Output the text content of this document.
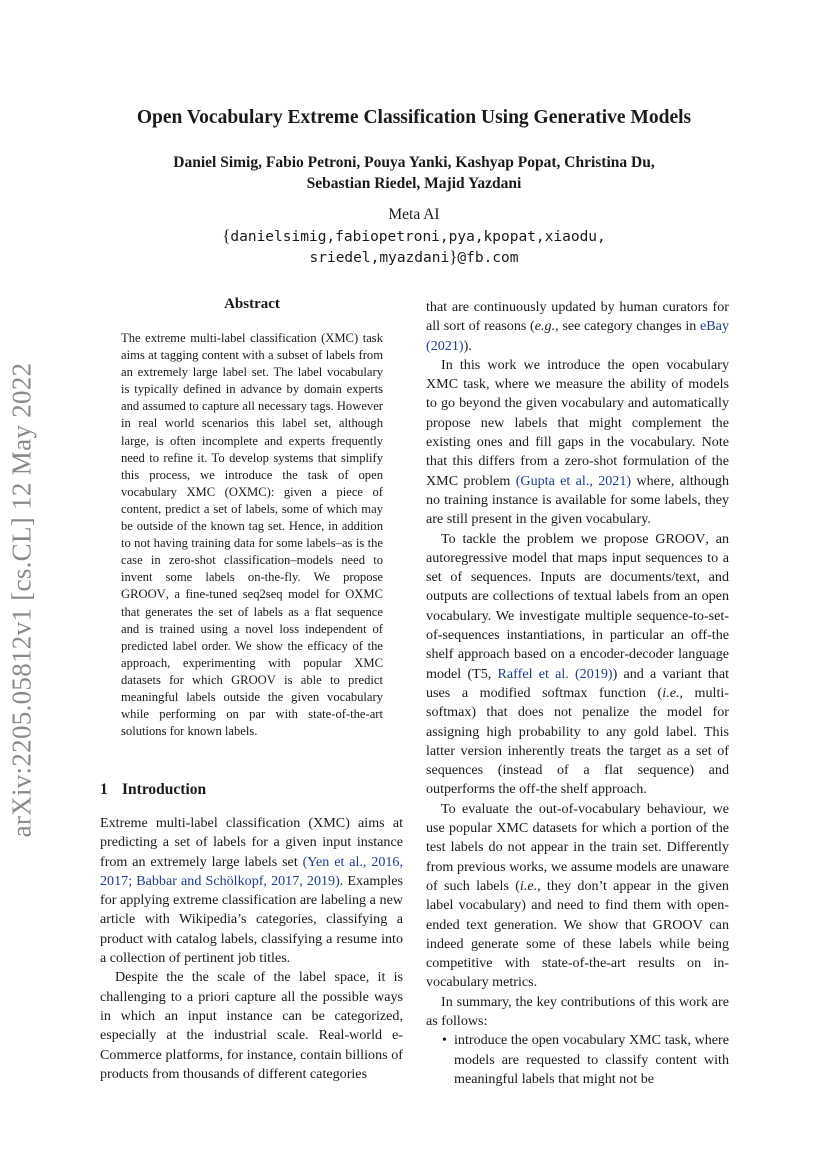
Open Vocabulary Extreme Classification Using Generative Models
Daniel Simig, Fabio Petroni, Pouya Yanki, Kashyap Popat, Christina Du,
Sebastian Riedel, Majid Yazdani
Meta AI
{danielsimig,fabiopetroni,pya,kpopat,xiaodu,
sriedel,myazdani}@fb.com
arXiv:2205.05812v1 [cs.CL] 12 May 2022
Abstract

The extreme multi-label classification (XMC) task aims at tagging content with a subset of labels from an extremely large label set. The label vocabulary is typically defined in advance by domain experts and assumed to capture all necessary tags. However in real world scenarios this label set, although large, is often incomplete and experts frequently need to refine it. To develop systems that simplify this process, we introduce the task of open vocabulary XMC (OXMC): given a piece of content, predict a set of labels, some of which may be outside of the known tag set. Hence, in addition to not having training data for some labels–as is the case in zero-shot classification–models need to invent some labels on-the-fly. We propose GROOV, a fine-tuned seq2seq model for OXMC that generates the set of labels as a flat sequence and is trained using a novel loss independent of predicted label order. We show the efficacy of the approach, experimenting with popular XMC datasets for which GROOV is able to predict meaningful labels outside the given vocabulary while performing on par with state-of-the-art solutions for known labels.

1 Introduction

Extreme multi-label classification (XMC) aims at predicting a set of labels for a given input instance from an extremely large labels set (Yen et al., 2016, 2017; Babbar and Schölkopf, 2017, 2019). Examples for applying extreme classification are labeling a new article with Wikipedia’s categories, classifying a product with catalog labels, classifying a resume into a collection of pertinent job titles.

Despite the the scale of the label space, it is challenging to a priori capture all the possible ways in which an input instance can be categorized, especially at the industrial scale. Real-world e-Commerce platforms, for instance, contain billions of products from thousands of different categories

that are continuously updated by human curators for all sort of reasons (e.g., see category changes in eBay (2021)).

In this work we introduce the open vocabulary XMC task, where we measure the ability of models to go beyond the given vocabulary and automatically propose new labels that might complement the existing ones and fill gaps in the vocabulary. Note that this differs from a zero-shot formulation of the XMC problem (Gupta et al., 2021) where, although no training instance is available for some labels, they are still present in the given vocabulary.

To tackle the problem we propose GROOV, an autoregressive model that maps input sequences to a set of sequences. Inputs are documents/text, and outputs are collections of textual labels from an open vocabulary. We investigate multiple sequence-to-set-of-sequences instantiations, in particular an off-the shelf approach based on a encoder-decoder language model (T5, Raffel et al. (2019)) and a variant that uses a modified softmax function (i.e., multi-softmax) that does not penalize the model for assigning high probability to any gold label. This latter version inherently treats the target as a set of sequences (instead of a flat sequence) and outperforms the off-the shelf approach.

To evaluate the out-of-vocabulary behaviour, we use popular XMC datasets for which a portion of the test labels do not appear in the train set. Differently from previous works, we assume models are unaware of such labels (i.e., they don’t appear in the given label vocabulary) and need to find them with open-ended text generation. We show that GROOV can indeed generate some of these labels while being competitive with state-of-the-art results on in-vocabulary metrics.

In summary, the key contributions of this work are as follows:

• introduce the open vocabulary XMC task, where models are requested to classify content with meaningful labels that might not be
